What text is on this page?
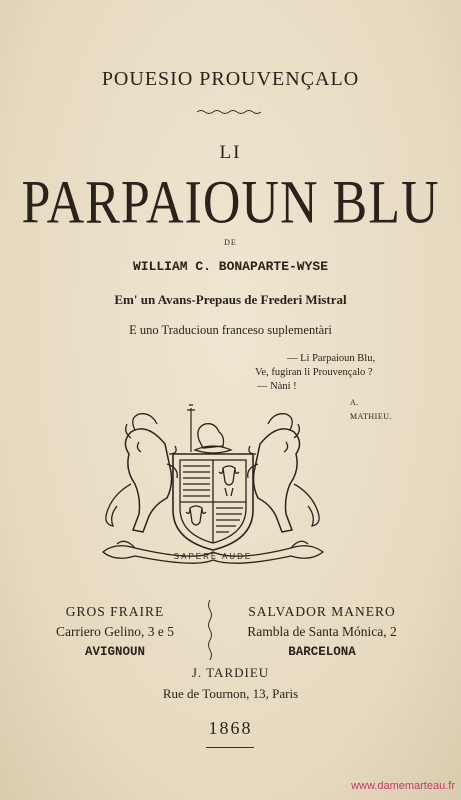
POUESIO PROUVENÇALO
LI
PARPAIOUN BLU
DE
WILLIAM C. BONAPARTE-WYSE
Em' un Avans-Prepaus de Frederi Mistral
E uno Traducioun franceso suplementàri
— Li Parpaioun Blu,
Ve, fugiran li Prouvençalo ?
— Nàni !
A. MATHIEU.
SAPERE AUDE
GROS FRAIRE
Carriero Gelino, 3 e 5
AVIGNOUN
SALVADOR MANERO
Rambla de Santa Mónica, 2
BARCELONA
J. TARDIEU
Rue de Tournon, 13, Paris
1868
www.damemarteau.fr
